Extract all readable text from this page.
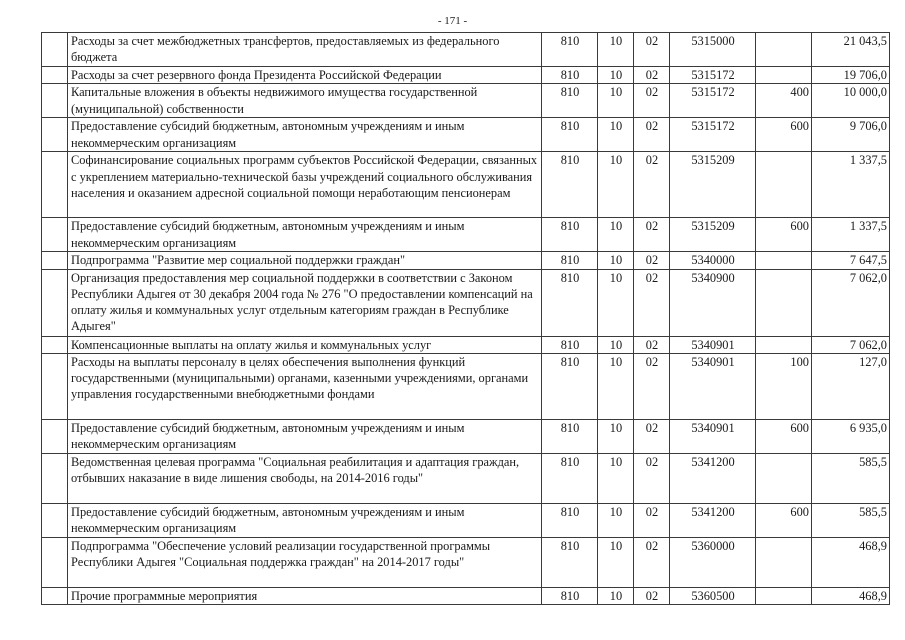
- 171 -
	Расходы за счет межбюджетных трансфертов, предоставляемых из федерального бюджета	810	10	02	5315000		21 043,5
	Расходы за счет резервного фонда Президента Российской Федерации	810	10	02	5315172		19 706,0
	Капитальные вложения в объекты недвижимого имущества государственной (муниципальной) собственности	810	10	02	5315172	400	10 000,0
	Предоставление субсидий бюджетным, автономным учреждениям и иным некоммерческим организациям	810	10	02	5315172	600	9 706,0
	Софинансирование социальных программ субъектов Российской Федерации, связанных с укреплением материально-технической базы учреждений социального обслуживания населения и оказанием адресной социальной помощи неработающим пенсионерам	810	10	02	5315209		1 337,5
	Предоставление субсидий бюджетным, автономным учреждениям и иным некоммерческим организациям	810	10	02	5315209	600	1 337,5
	Подпрограмма "Развитие мер социальной поддержки граждан"	810	10	02	5340000		7 647,5
	Организация предоставления мер социальной поддержки в соответствии с Законом Республики Адыгея от 30 декабря 2004 года № 276 "О предоставлении компенсаций на оплату жилья и коммунальных услуг отдельным категориям граждан в Республике Адыгея"	810	10	02	5340900		7 062,0
	Компенсационные выплаты на оплату жилья и коммунальных услуг	810	10	02	5340901		7 062,0
	Расходы на выплаты персоналу в целях обеспечения выполнения функций государственными (муниципальными) органами, казенными учреждениями, органами управления государственными внебюджетными фондами	810	10	02	5340901	100	127,0
	Предоставление субсидий бюджетным, автономным учреждениям и иным некоммерческим организациям	810	10	02	5340901	600	6 935,0
	Ведомственная целевая программа "Социальная реабилитация и адаптация граждан, отбывших наказание в виде лишения свободы, на 2014-2016 годы"	810	10	02	5341200		585,5
	Предоставление субсидий бюджетным, автономным учреждениям и иным некоммерческим организациям	810	10	02	5341200	600	585,5
	Подпрограмма "Обеспечение условий реализации государственной программы Республики Адыгея "Социальная поддержка граждан" на 2014-2017 годы"	810	10	02	5360000		468,9
	Прочие программные мероприятия	810	10	02	5360500		468,9
